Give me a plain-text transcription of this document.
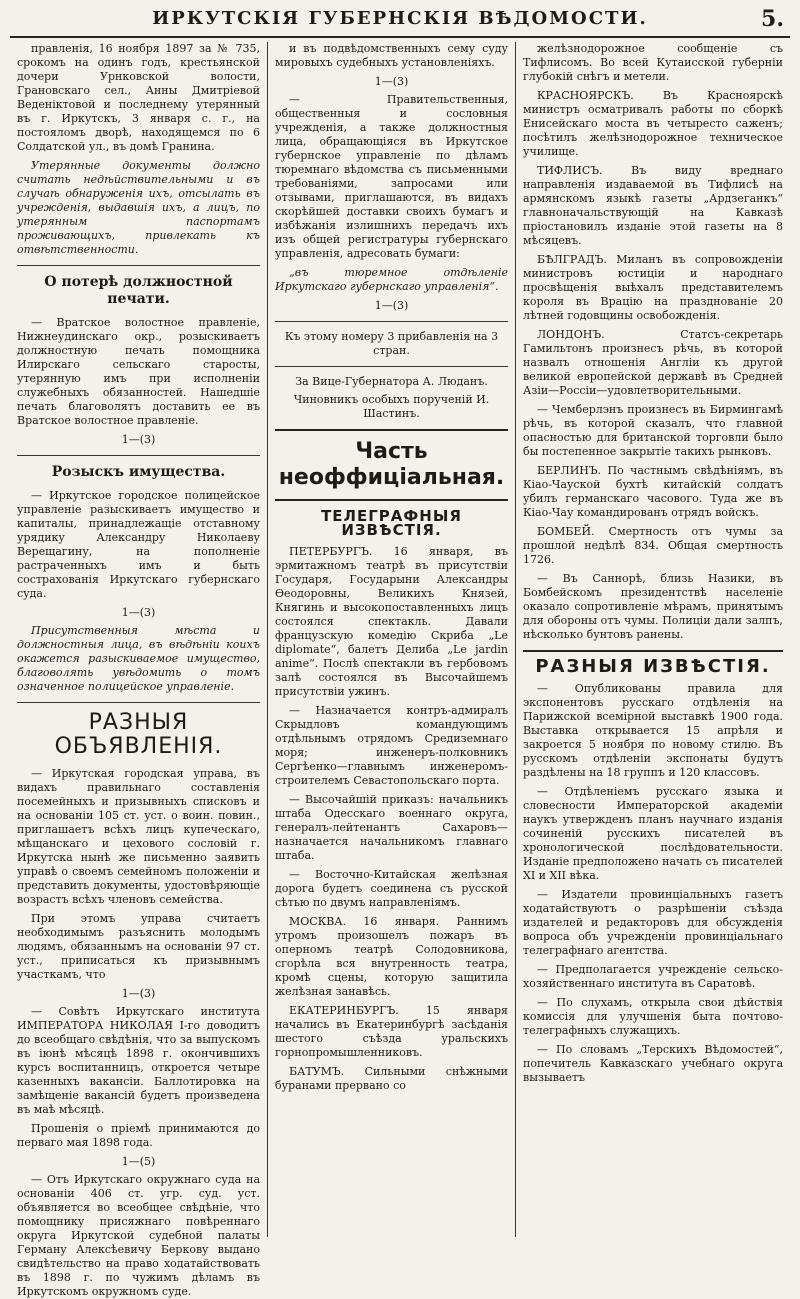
ИРКУТСКІЯ ГУБЕРНСКІЯ ВѢДОМОСТИ.	5.

правленія, 16 ноября 1897 за № 735, срокомъ на одинъ годъ, крестьянской дочери Урнковской волости, Грановскаго сел., Анны Дмитріевой Веденіктовой и последнему утерянный въ г. Иркутскъ, 3 января с. г., на постояломъ дворѣ, находящемся по 6 Солдатской ул., въ домѣ Гранина.

Утерянные документы должно считать недѣйствительными и въ случаѣ обнаруженія ихъ, отсылать въ учрежденія, выдавшія ихъ, а лицъ, по утерянным паспортамъ проживающихъ, привлекать къ отвѣтственности.

О потерѣ должностной печати.

— Вратское волостное правленіе, Нижнеудинскаго окр., розыскиваетъ должностную печать помощника Илирскаго сельскаго старосты, утерянную имъ при исполненіи служебныхъ обязанностей. Нашедшіе печать благоволятъ доставить ее въ Вратское волостное правленіе.

1—(3)
Розыскъ имущества.

— Иркутское городское полицейское управленіе разыскиваетъ имущество и капиталы, принадлежащіе отставному урядику Александру Николаеву Верещагину, на пополненіе растраченныхъ имъ и быть сострахованія Иркутскаго губернскаго суда.

1—(3)

Присутственныя мѣста и должностныя лица, въ вѣдѣніи коихъ окажется разыскиваемое имущество, благоволять увѣдомить о томъ означенное полицейское управленіе.

РАЗНЫЯ ОБЪЯВЛЕНІЯ.

— Иркутская городская управа, въ видахъ правильнаго составленія посемейныхъ и призывныхъ списковъ и на основаніи 105 ст. уст. о воин. повин., приглашаетъ всѣхъ лицъ купеческаго, мѣщанскаго и цехового сословій г. Иркутска нынѣ же письменно заявить управѣ о своемъ семейномъ положеніи и представить документы, удостовѣряющіе возрастъ всѣхъ членовъ семейства.

При этомъ управа считаетъ необходимымъ разъяснить молодымъ людямъ, обязаннымъ на основаніи 97 ст. уст., приписаться къ призывнымъ участкамъ, что

1—(3)

— Совѣтъ Иркутскаго института ИМПЕРАТОРА НИКОЛАЯ І-го доводитъ до всеобщаго свѣдѣнія, что за выпускомъ въ іюнѣ мѣсяцѣ 1898 г. окончившихъ курсъ воспитанницъ, откроется четыре казенныхъ вакансіи. Баллотировка на замѣщеніе вакансій будетъ произведена въ маѣ мѣсяцѣ.

Прошенія о пріемѣ принимаются до перваго мая 1898 года.

1—(5)

— Отъ Иркутскаго окружнаго суда на основаніи 406 ст. угр. суд. уст. объявляется во всеобщее свѣдѣніе, что помощнику присяжнаго повѣреннаго округа Иркутской судебной палаты Герману Алексѣевичу Берковy выдано свидѣтельство на право ходатайствовать въ 1898 г. по чужимъ дѣламъ въ Иркутскомъ окружномъ суде.

и въ подвѣдомственныхъ сему суду мировыхъ судебныхъ установленіяхъ.

1—(3)

— Правительственныя, общественныя и сословныя учрежденія, а также должностныя лица, обращающіяся въ Иркутское губернское управленіе по дѣламъ тюремнаго вѣдомства съ письменными требованіями, запросами или отзывами, приглашаются, въ видахъ скорѣйшей доставки своихъ бумагъ и избѣжанія излишнихъ передачъ ихъ изъ общей регистратуры губернскаго управленія, адресовать бумаги:

„въ тюремное отдѣленіе Иркутскаго губернскаго управленія“.

1—(3)
Къ этому номеру 3 прибавленія на 3 стран.
За Вице-Губернатора А. Люданъ.
Чиновникъ особыхъ порученій И. Шастинъ.
Часть неоффиціальная.
ТЕЛЕГРАФНЫЯ ИЗВѢСТІЯ.

ПЕТЕРБУРГЪ. 16 января, въ эрмитажномъ театрѣ въ присутствіи Государя, Государыни Александры Ѳеодоровны, Великихъ Князей, Княгинь и высокопоставленныхъ лицъ состоялся спектакль. Давали французскую комедію Скриба „Le diplomate“, балетъ Делиба „Le jardin anime“. Послѣ спектакли въ гербовомъ залѣ состоялся въ Высочайшемъ присутствіи ужинъ.

— Назначается контръ-адмиралъ Скрыдловъ командующимъ отдѣльнымъ отрядомъ Средиземнаго моря; инженеръ-полковникъ Сергѣенко—главнымъ инженеромъ-строителемъ Севастопольскаго порта.

— Высочайшій приказъ: начальникъ штаба Одесскаго военнаго округа, генералъ-лейтенантъ Сахаровъ—назначается начальникомъ главнаго штаба.

— Восточно-Китайская желѣзная дорога будетъ соединена съ русской сѣтью по двумъ направленіямъ.

МОСКВА. 16 января. Раннимъ утромъ произошелъ пожаръ въ оперномъ театрѣ Солодовникова, сгорѣла вся внутренность театра, кромѣ сцены, которую защитила желѣзная занавѣсь.

ЕКАТЕРИНБУРГЪ. 15 января начались въ Екатеринбургѣ засѣданія шестого съѣзда уральскихъ горнопромышленниковъ.

БАТУМЪ. Сильными снѣжными буранами прервано со

желѣзнодорожное сообщеніе съ Тифлисомъ. Во всей Кутаисской губерніи глубокій снѣгъ и метели.

КРАСНОЯРСКЪ. Въ Красноярскѣ министръ осматривалъ работы по сборкѣ Енисейскаго моста въ четыресто саженъ; посѣтилъ желѣзнодорожное техническое училище.

ТИФЛИСЪ. Въ виду вреднаго направленія издаваемой въ Тифлисѣ на армянскомъ языкѣ газеты „Ардзеганкъ“ главноначальствующій на Кавказѣ пріостановилъ изданіе этой газеты на 8 мѣсяцевъ.

БѢЛГРАДЪ. Миланъ въ сопровожденіи министровъ юстиціи и народнаго просвѣщенія выѣхалъ представителемъ короля въ Врацію на празднованіе 20 лѣтней годовщины освобожденія.

ЛОНДОНЪ. Статсъ-секретарь Гамильтонъ произнесъ рѣчь, въ которой назвалъ отношенія Англіи къ другой великой европейской державѣ въ Средней Азіи—Россіи—удовлетворительными.

— Чемберлэнъ произнесъ въ Бирмингамѣ рѣчь, въ которой сказалъ, что главной опасностью для британской торговли было бы постепенное закрытіе такихъ рынковъ.

БЕРЛИНЪ. По частнымъ свѣдѣніямъ, въ Кіао-Чауской бухтѣ китайскій солдатъ убилъ германскаго часового. Туда же въ Кіао-Чау командированъ отрядъ войскъ.

БОМБЕЙ. Смертность отъ чумы за прошлой недѣлѣ 834. Общая смертность 1726.

— Въ Саннорѣ, близь Назики, въ Бомбейскомъ президентствѣ населеніе оказало сопротивленіе мѣрамъ, принятымъ для обороны отъ чумы. Полиціи дали залпъ, нѣсколько бунтовъ ранены.

РАЗНЫЯ ИЗВѢСТІЯ.

— Опубликованы правила для экспонентовъ русскаго отдѣленія на Парижской всемірной выставкѣ 1900 года. Выставка открывается 15 апрѣля и закроется 5 ноября по новому стилю. Въ русскомъ отдѣленіи экспонаты будутъ раздѣлены на 18 группъ и 120 классовъ.

— Отдѣленіемъ русскаго языка и словесности Императорской академіи наукъ утвержденъ планъ научнаго изданія сочиненій русскихъ писателей въ хронологической послѣдовательности. Изданіе предположено начать съ писателей XI и XII вѣка.

— Издатели провинціальныхъ газетъ ходатайствуютъ о разрѣшеніи съѣзда издателей и редакторовъ для обсужденія вопроса объ учрежденіи провинціальнаго телеграфнаго агентства.

— Предполагается учрежденіе сельско-хозяйственнаго института въ Саратовѣ.

— По слухамъ, открыла свои дѣйствія комиссія для улучшенія быта почтово-телеграфныхъ служащихъ.

— По словамъ „Терскихъ Вѣдомостей“, попечитель Кавказскаго учебнаго округа вызываетъ
